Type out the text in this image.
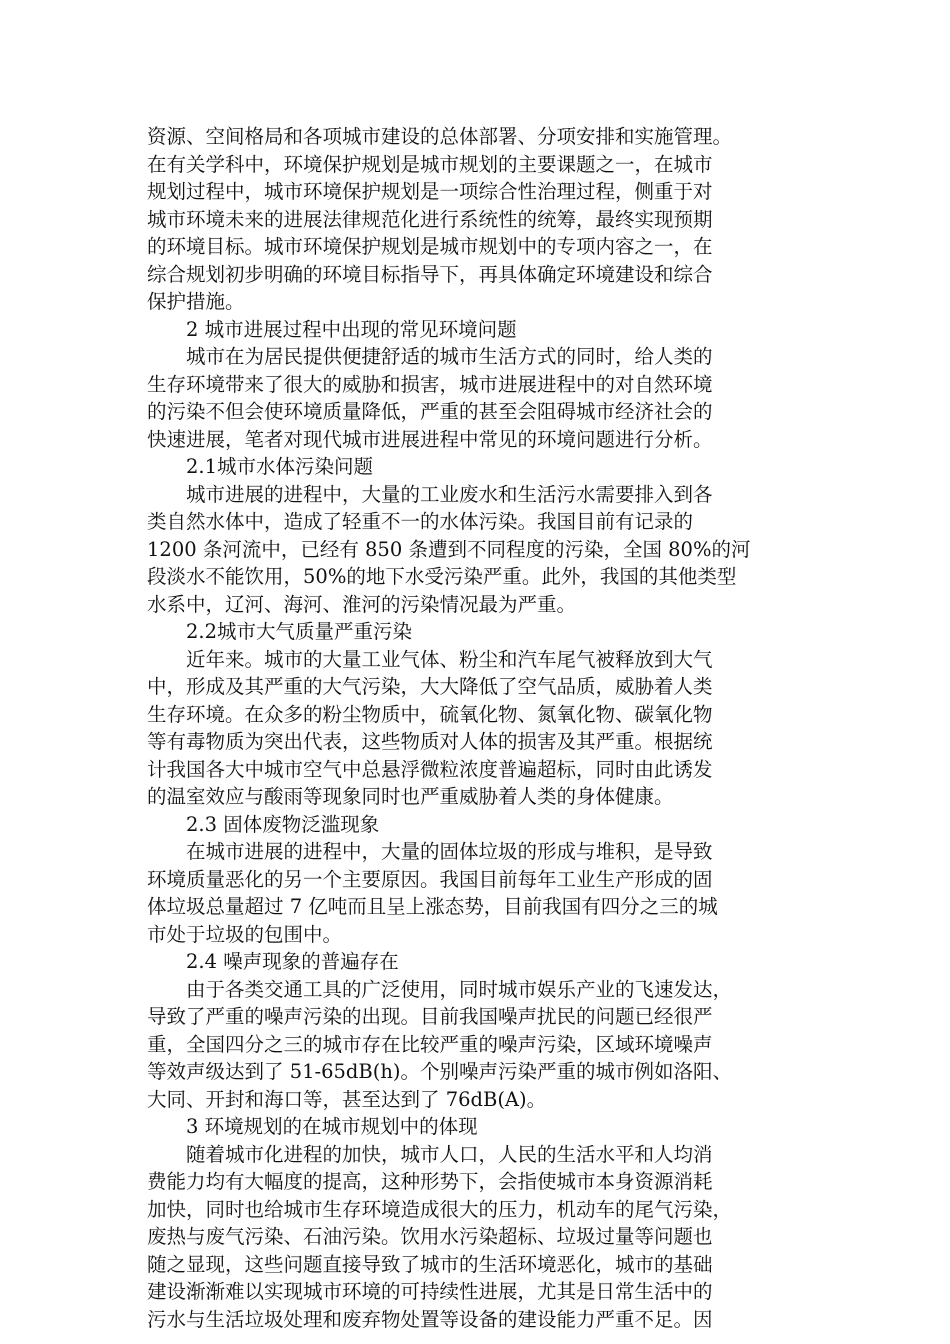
资源、空间格局和各项城市建设的总体部署、分项安排和实施管理。
在有关学科中，环境保护规划是城市规划的主要课题之一，在城市
规划过程中，城市环境保护规划是一项综合性治理过程，侧重于对
城市环境未来的进展法律规范化进行系统性的统筹，最终实现预期
的环境目标。城市环境保护规划是城市规划中的专项内容之一，在
综合规划初步明确的环境目标指导下，再具体确定环境建设和综合
保护措施。
2 城市进展过程中出现的常见环境问题
城市在为居民提供便捷舒适的城市生活方式的同时，给人类的
生存环境带来了很大的威胁和损害，城市进展进程中的对自然环境
的污染不但会使环境质量降低，严重的甚至会阻碍城市经济社会的
快速进展，笔者对现代城市进展进程中常见的环境问题进行分析。
2.1城市水体污染问题
城市进展的进程中，大量的工业废水和生活污水需要排入到各
类自然水体中，造成了轻重不一的水体污染。我国目前有记录的
1200 条河流中，已经有 850 条遭到不同程度的污染，全国 80%的河
段淡水不能饮用，50%的地下水受污染严重。此外，我国的其他类型
水系中，辽河、海河、淮河的污染情况最为严重。
2.2城市大气质量严重污染
近年来。城市的大量工业气体、粉尘和汽车尾气被释放到大气
中，形成及其严重的大气污染，大大降低了空气品质，威胁着人类
生存环境。在众多的粉尘物质中，硫氧化物、氮氧化物、碳氧化物
等有毒物质为突出代表，这些物质对人体的损害及其严重。根据统
计我国各大中城市空气中总悬浮微粒浓度普遍超标，同时由此诱发
的温室效应与酸雨等现象同时也严重威胁着人类的身体健康。
2.3 固体废物泛滥现象
在城市进展的进程中，大量的固体垃圾的形成与堆积，是导致
环境质量恶化的另一个主要原因。我国目前每年工业生产形成的固
体垃圾总量超过 7 亿吨而且呈上涨态势，目前我国有四分之三的城
市处于垃圾的包围中。
2.4 噪声现象的普遍存在
由于各类交通工具的广泛使用，同时城市娱乐产业的飞速发达，
导致了严重的噪声污染的出现。目前我国噪声扰民的问题已经很严
重，全国四分之三的城市存在比较严重的噪声污染，区域环境噪声
等效声级达到了 51-65dB(h)。个别噪声污染严重的城市例如洛阳、
大同、开封和海口等，甚至达到了 76dB(A)。
3 环境规划的在城市规划中的体现
随着城市化进程的加快，城市人口，人民的生活水平和人均消
费能力均有大幅度的提高，这种形势下，会指使城市本身资源消耗
加快，同时也给城市生存环境造成很大的压力，机动车的尾气污染，
废热与废气污染、石油污染。饮用水污染超标、垃圾过量等问题也
随之显现，这些问题直接导致了城市的生活环境恶化，城市的基础
建设渐渐难以实现城市环境的可持续性进展，尤其是日常生活中的
污水与生活垃圾处理和废弃物处置等设备的建设能力严重不足。因
